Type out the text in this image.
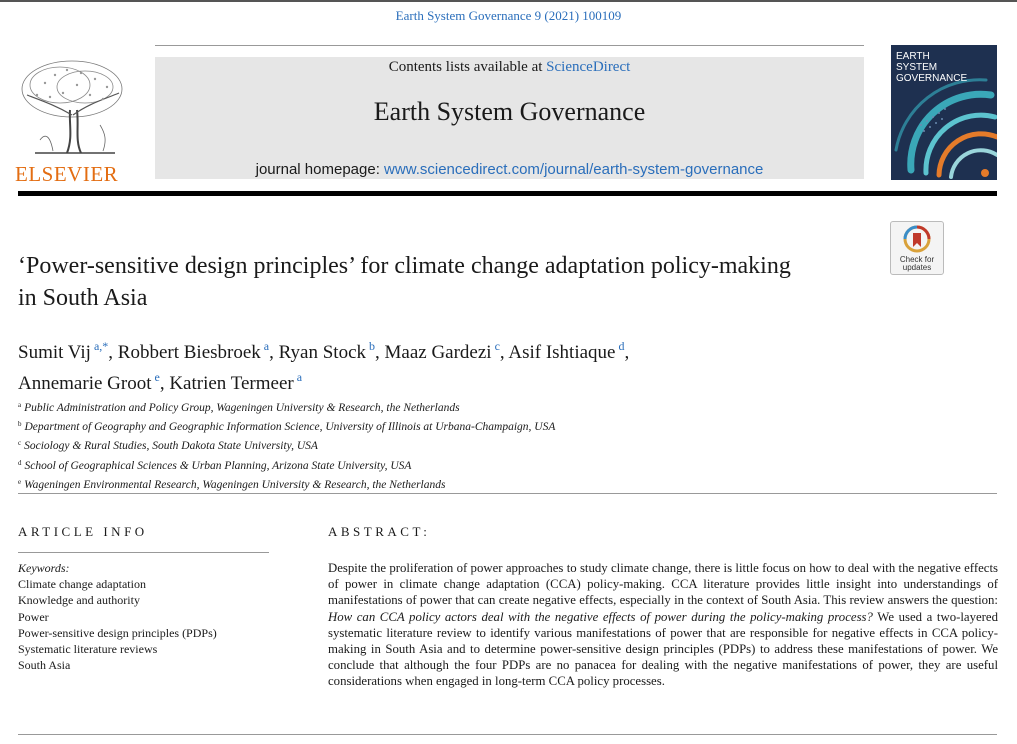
Earth System Governance 9 (2021) 100109
ELSEVIER
Contents lists available at ScienceDirect
Earth System Governance
journal homepage: www.sciencedirect.com/journal/earth-system-governance
EARTH
SYSTEM
GOVERNANCE
Check for
updates
‘Power-sensitive design principles’ for climate change adaptation policy-making in South Asia
Sumit Vij $^{a,*}$, Robbert Biesbroek $^a$, Ryan Stock $^b$, Maaz Gardezi $^c$, Asif Ishtiaque $^d$,
Annemarie Groot $^e$, Katrien Termeer $^a$
$^a$ Public Administration and Policy Group, Wageningen University & Research, the Netherlands
$^b$ Department of Geography and Geographic Information Science, University of Illinois at Urbana-Champaign, USA
$^c$ Sociology & Rural Studies, South Dakota State University, USA
$^d$ School of Geographical Sciences & Urban Planning, Arizona State University, USA
$^e$ Wageningen Environmental Research, Wageningen University & Research, the Netherlands
ARTICLE INFO
Keywords:
Climate change adaptation
Knowledge and authority
Power
Power-sensitive design principles (PDPs)
Systematic literature reviews
South Asia
ABSTRACT:
Despite the proliferation of power approaches to study climate change, there is little focus on how to deal with the negative effects of power in climate change adaptation (CCA) policy-making. CCA literature provides little insight into understandings of manifestations of power that can create negative effects, especially in the context of South Asia. This review answers the question: How can CCA policy actors deal with the negative effects of power during the policy-making process? We used a two-layered systematic literature review to identify various manifestations of power that are responsible for negative effects in CCA policy-making in South Asia and to determine power-sensitive design principles (PDPs) to address these manifestations of power. We conclude that although the four PDPs are no panacea for dealing with the negative manifestations of power, they are useful considerations when engaged in long-term CCA policy processes.
